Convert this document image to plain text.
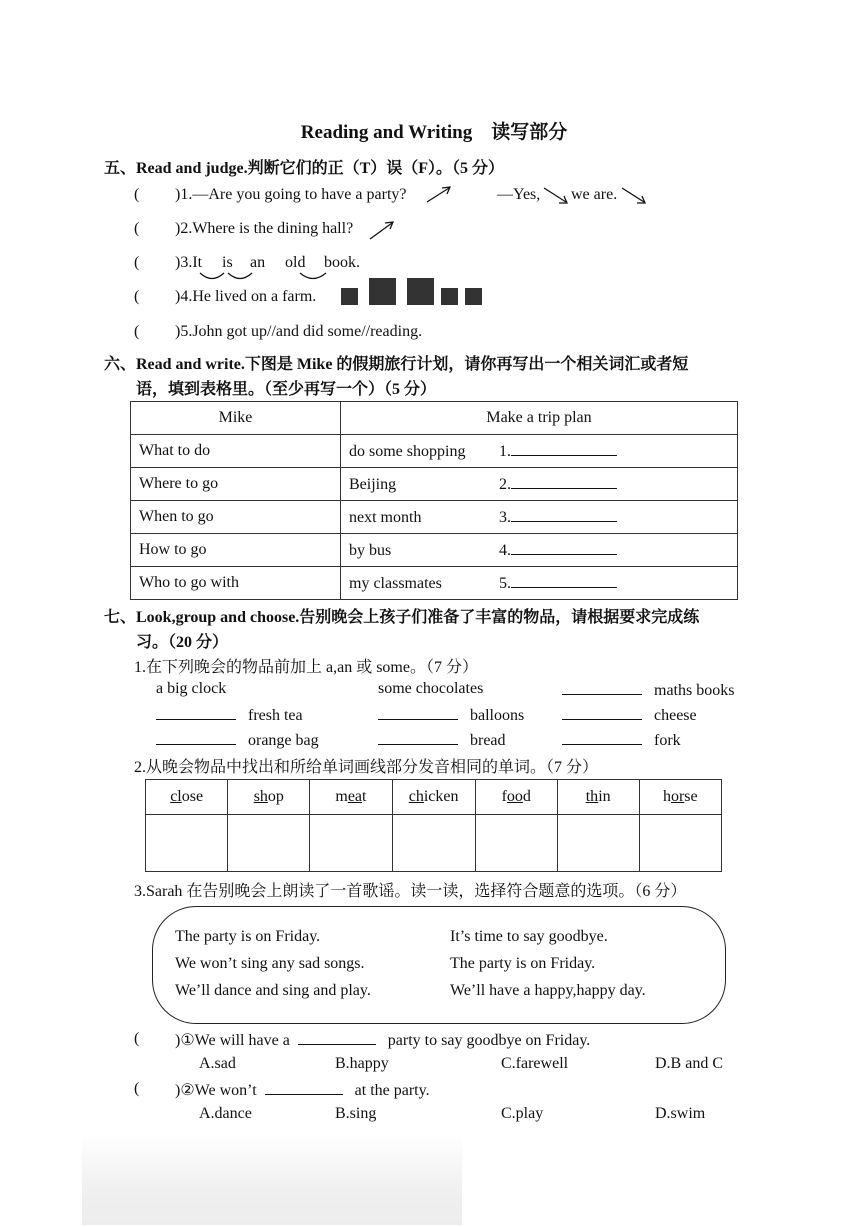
Reading and Writing　读写部分
五、Read and judge.判断它们的正（T）误（F）。（5 分）
( )1.—Are you going to have a party?	—Yes, we are.
( )2.Where is the dining hall?
( )3.It is an old book.
( )4.He lived on a farm.
( )5.John got up//and did some//reading.
六、Read and write.下图是 Mike 的假期旅行计划，请你再写出一个相关词汇或者短
语，填到表格里。（至少再写一个）（5 分）
Mike	Make a trip plan
What to do	do some shopping 1.
Where to go	Beijing 2.
When to go	next month 3.
How to go	by bus 4.
Who to go with	my classmates 5.
七、Look,group and choose.告别晚会上孩子们准备了丰富的物品，请根据要求完成练
习。（20 分）
1.在下列晚会的物品前加上 a,an 或 some。（7 分）
a big clock	some chocolates	maths books
fresh tea	balloons	cheese
orange bag	bread	fork
2.从晚会物品中找出和所给单词画线部分发音相同的单词。（7 分）
close	shop	meat	chicken	food	thin	horse

3.Sarah 在告别晚会上朗读了一首歌谣。读一读，选择符合题意的选项。（6 分）
The party is on Friday.
We won’t sing any sad songs.
We’ll dance and sing and play.
It’s time to say goodbye.
The party is on Friday.
We’ll have a happy,happy day.
( )①We will have a	party to say goodbye on Friday.
A.sad	B.happy	C.farewell	D.B and C
( )②We won’t	at the party.
A.dance	B.sing	C.play	D.swim
